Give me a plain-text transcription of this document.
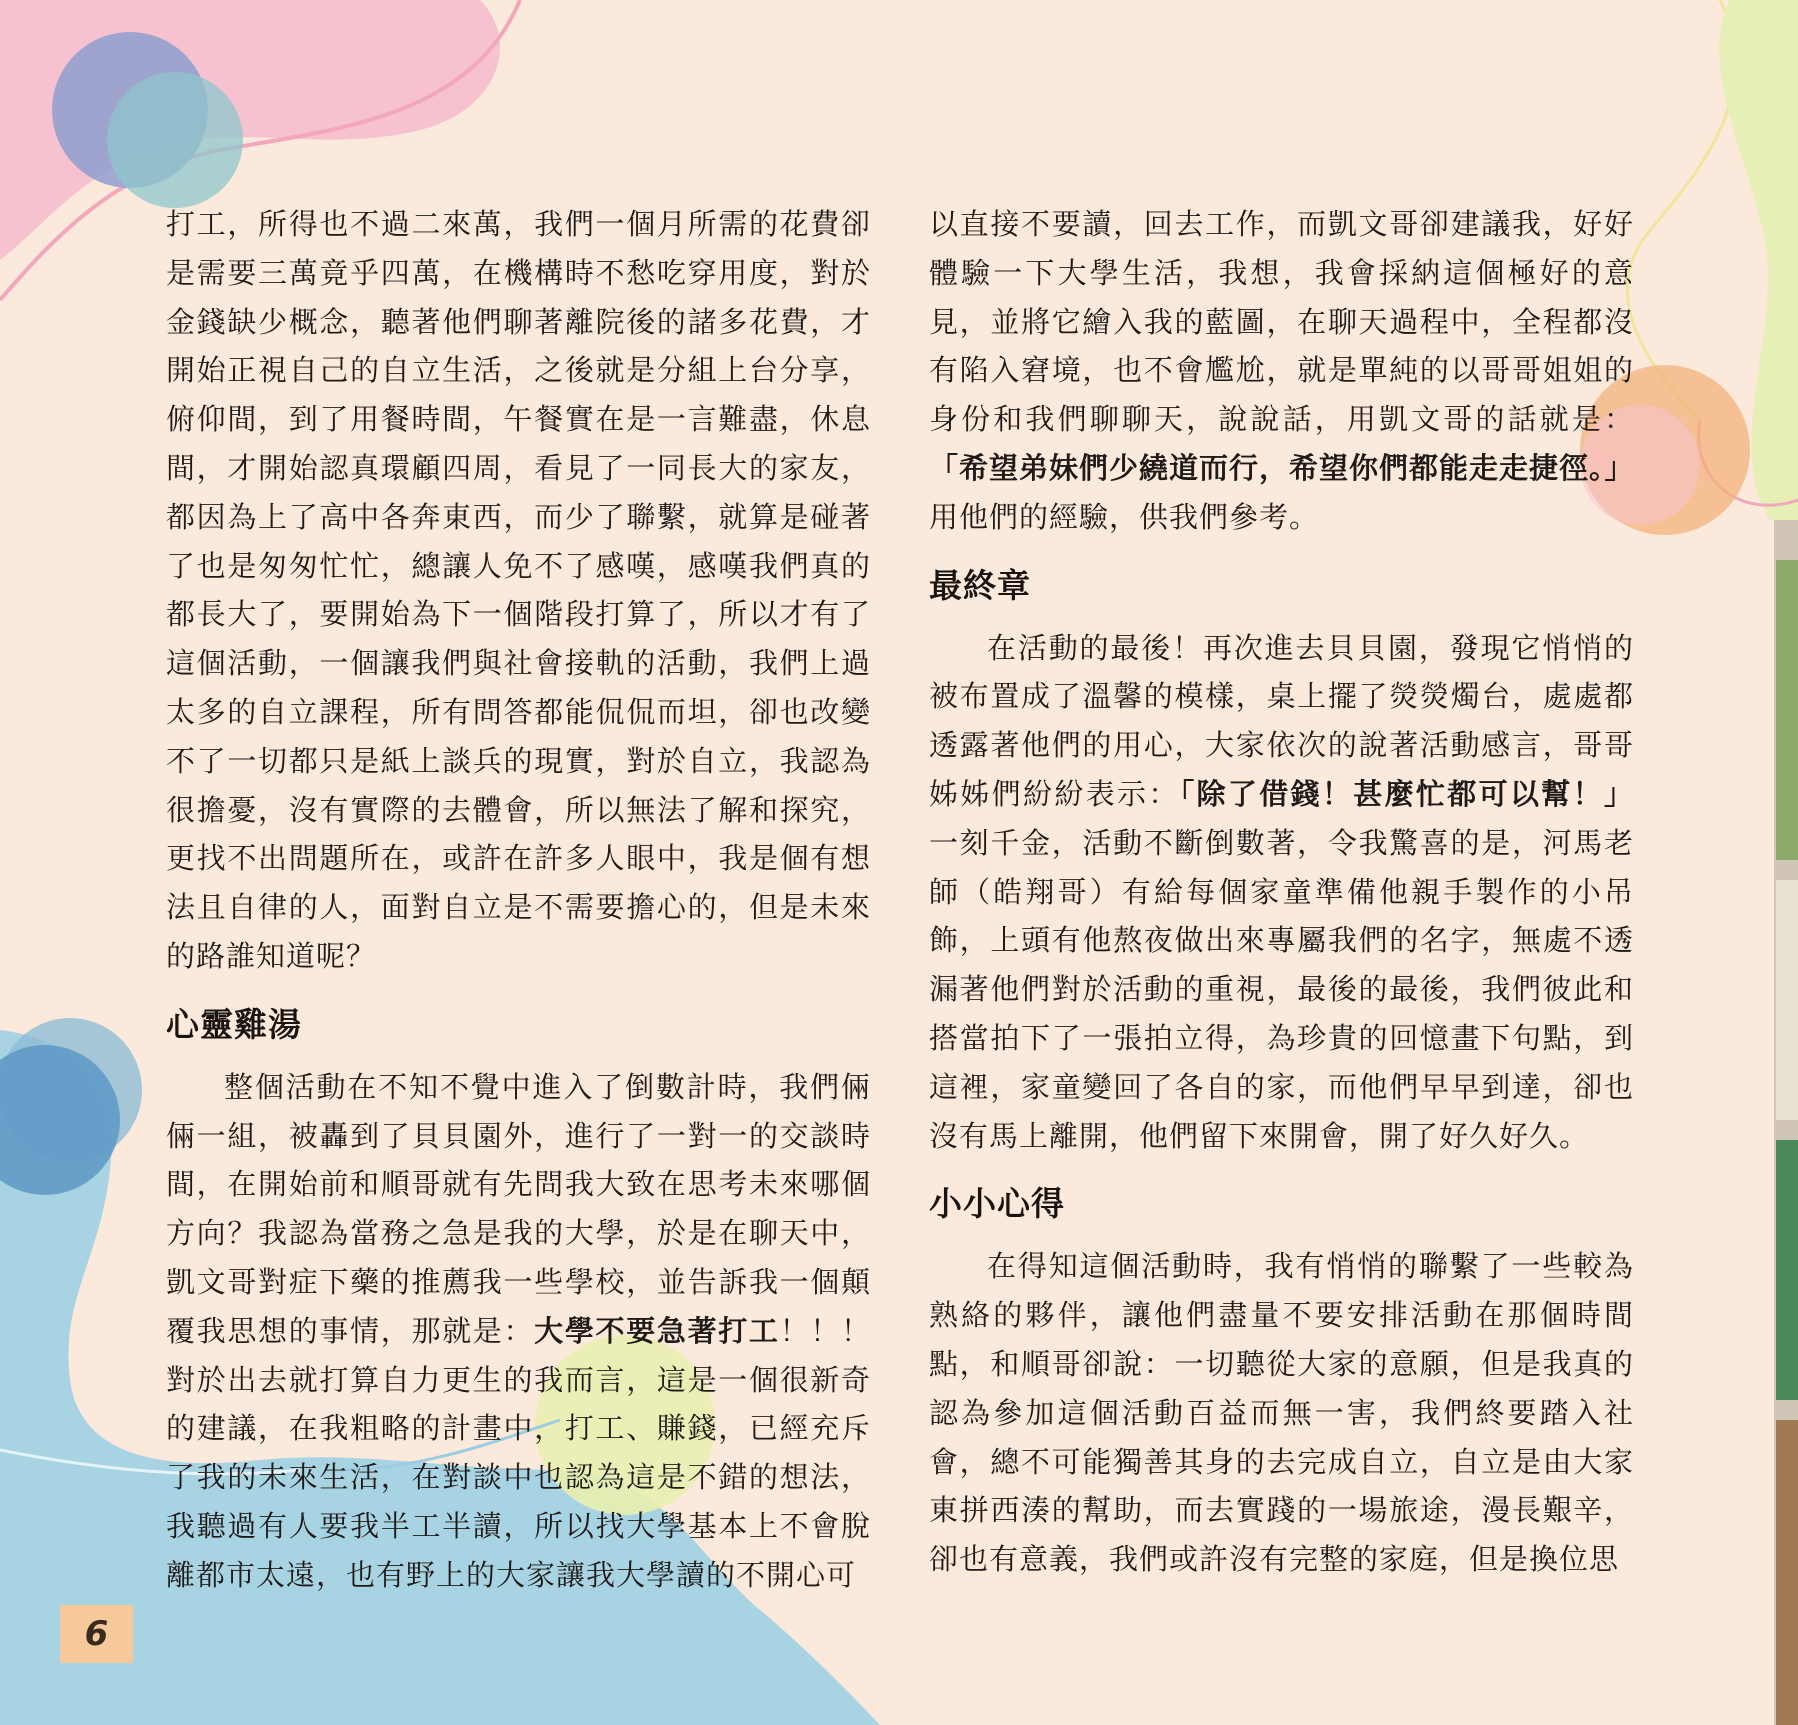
打工，所得也不過二來萬，我們一個月所需的花費卻是需要三萬竟乎四萬，在機構時不愁吃穿用度，對於金錢缺少概念，聽著他們聊著離院後的諸多花費，才開始正視自己的自立生活，之後就是分組上台分享，俯仰間，到了用餐時間，午餐實在是一言難盡，休息間，才開始認真環顧四周，看見了一同長大的家友，都因為上了高中各奔東西，而少了聯繫，就算是碰著了也是匆匆忙忙，總讓人免不了感嘆，感嘆我們真的都長大了，要開始為下一個階段打算了，所以才有了這個活動，一個讓我們與社會接軌的活動，我們上過太多的自立課程，所有問答都能侃侃而坦，卻也改變不了一切都只是紙上談兵的現實，對於自立，我認為很擔憂，沒有實際的去體會，所以無法了解和探究，更找不出問題所在，或許在許多人眼中，我是個有想法且自律的人，面對自立是不需要擔心的，但是未來的路誰知道呢？

心靈雞湯

整個活動在不知不覺中進入了倒數計時，我們倆倆一組，被轟到了貝貝園外，進行了一對一的交談時間，在開始前和順哥就有先問我大致在思考未來哪個方向？我認為當務之急是我的大學，於是在聊天中，凱文哥對症下藥的推薦我一些學校，並告訴我一個顛覆我思想的事情，那就是：大學不要急著打工！！！對於出去就打算自力更生的我而言，這是一個很新奇的建議，在我粗略的計畫中，打工、賺錢，已經充斥了我的未來生活，在對談中也認為這是不錯的想法，我聽過有人要我半工半讀，所以找大學基本上不會脫離都市太遠，也有野上的大家讓我大學讀的不開心可

以直接不要讀，回去工作，而凱文哥卻建議我，好好體驗一下大學生活，我想，我會採納這個極好的意見，並將它繪入我的藍圖，在聊天過程中，全程都沒有陷入窘境，也不會尷尬，就是單純的以哥哥姐姐的身份和我們聊聊天，說說話，用凱文哥的話就是：「希望弟妹們少繞道而行，希望你們都能走走捷徑。」用他們的經驗，供我們參考。

最終章

在活動的最後！再次進去貝貝園，發現它悄悄的被布置成了溫馨的模樣，桌上擺了熒熒燭台，處處都透露著他們的用心，大家依次的說著活動感言，哥哥姊姊們紛紛表示：「除了借錢！甚麼忙都可以幫！」一刻千金，活動不斷倒數著，令我驚喜的是，河馬老師（皓翔哥）有給每個家童準備他親手製作的小吊飾，上頭有他熬夜做出來專屬我們的名字，無處不透漏著他們對於活動的重視，最後的最後，我們彼此和搭當拍下了一張拍立得，為珍貴的回憶畫下句點，到這裡，家童變回了各自的家，而他們早早到達，卻也沒有馬上離開，他們留下來開會，開了好久好久。

小小心得

在得知這個活動時，我有悄悄的聯繫了一些較為熟絡的夥伴，讓他們盡量不要安排活動在那個時間點，和順哥卻說：一切聽從大家的意願，但是我真的認為參加這個活動百益而無一害，我們終要踏入社會，總不可能獨善其身的去完成自立，自立是由大家東拼西湊的幫助，而去實踐的一場旅途，漫長艱辛，卻也有意義，我們或許沒有完整的家庭，但是換位思

6
